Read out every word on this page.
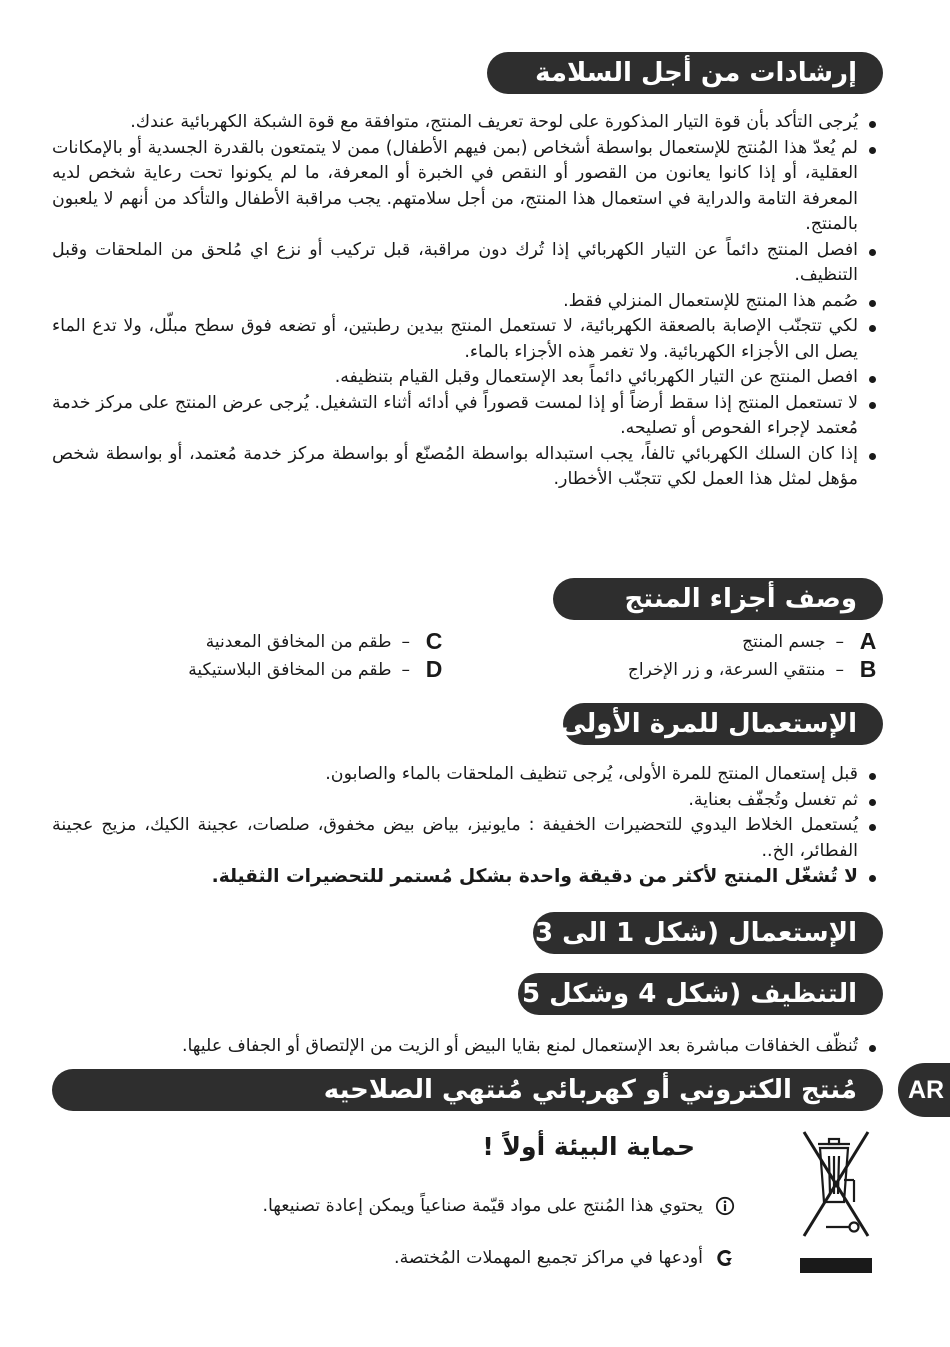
إرشادات من أجل السلامة
يُرجى التأكد بأن قوة التيار المذكورة على لوحة تعريف المنتج، متوافقة مع قوة الشبكة الكهربائية عندك.
لم يُعدّ هذا المُنتج للإستعمال بواسطة أشخاص (بمن فيهم الأطفال) ممن لا يتمتعون بالقدرة الجسدية أو بالإمكانات العقلية، أو إذا كانوا يعانون من القصور أو النقص في الخبرة أو المعرفة، ما لم يكونوا تحت رعاية شخص لديه المعرفة التامة والدراية في استعمال هذا المنتج، من أجل سلامتهم. يجب مراقبة الأطفال والتأكد من أنهم لا يلعبون بالمنتج.
افصل المنتج دائماً عن التيار الكهربائي إذا تُرك دون مراقبة، قبل تركيب أو نزع اي مُلحق من الملحقات وقبل التنظيف.
صُمم هذا المنتج للإستعمال المنزلي فقط.
لكي تتجنّب الإصابة بالصعقة الكهربائية، لا تستعمل المنتج بيدين رطبتين، أو تضعه فوق سطح مبلّل، ولا تدع الماء يصل الى الأجزاء الكهربائية. ولا تغمر هذه الأجزاء بالماء.
افصل المنتج عن التيار الكهربائي دائماً بعد الإستعمال وقبل القيام بتنظيفه.
لا تستعمل المنتج إذا سقط أرضاً أو إذا لمست قصوراً في أدائه أثناء التشغيل. يُرجى عرض المنتج على مركز خدمة مُعتمد لإجراء الفحوص أو تصليحه.
إذا كان السلك الكهربائي تالفاً، يجب استبداله بواسطة المُصنّع أو بواسطة مركز خدمة مُعتمد، أو بواسطة شخص مؤهل لمثل هذا العمل لكي تتجنّب الأخطار.
وصف أجزاء المنتج
A
–
جسم المنتج
B
–
منتقي السرعة، و زر الإخراج
C
–
طقم من المخافق المعدنية
D
–
طقم من المخافق البلاستيكية
الإستعمال للمرة الأولى
قبل إستعمال المنتج للمرة الأولى، يُرجى تنظيف الملحقات بالماء والصابون.
ثم تغسل وتُجفّف بعناية.
يُستعمل الخلاط اليدوي للتحضيرات الخفيفة : مايونيز، بياض بيض مخفوق، صلصات، عجينة الكيك، مزيج عجينة الفطائر، الخ..
لا تُشغّل المنتج لأكثر من دقيقة واحدة بشكل مُستمر للتحضيرات الثقيلة.
الإستعمال (شكل 1 الى 3)
التنظيف (شكل 4 وشكل 5)
تُنظّف الخفاقات مباشرة بعد الإستعمال لمنع بقايا البيض أو الزيت من الإلتصاق أو الجفاف عليها.
مُنتج الكتروني أو كهربائي مُنتهي الصلاحيه	AR
حماية البيئة أولاً !
يحتوي هذا المُنتج على مواد قيّمة صناعياً ويمكن إعادة تصنيعها.
أودعها في مراكز تجميع المهملات المُختصة.
